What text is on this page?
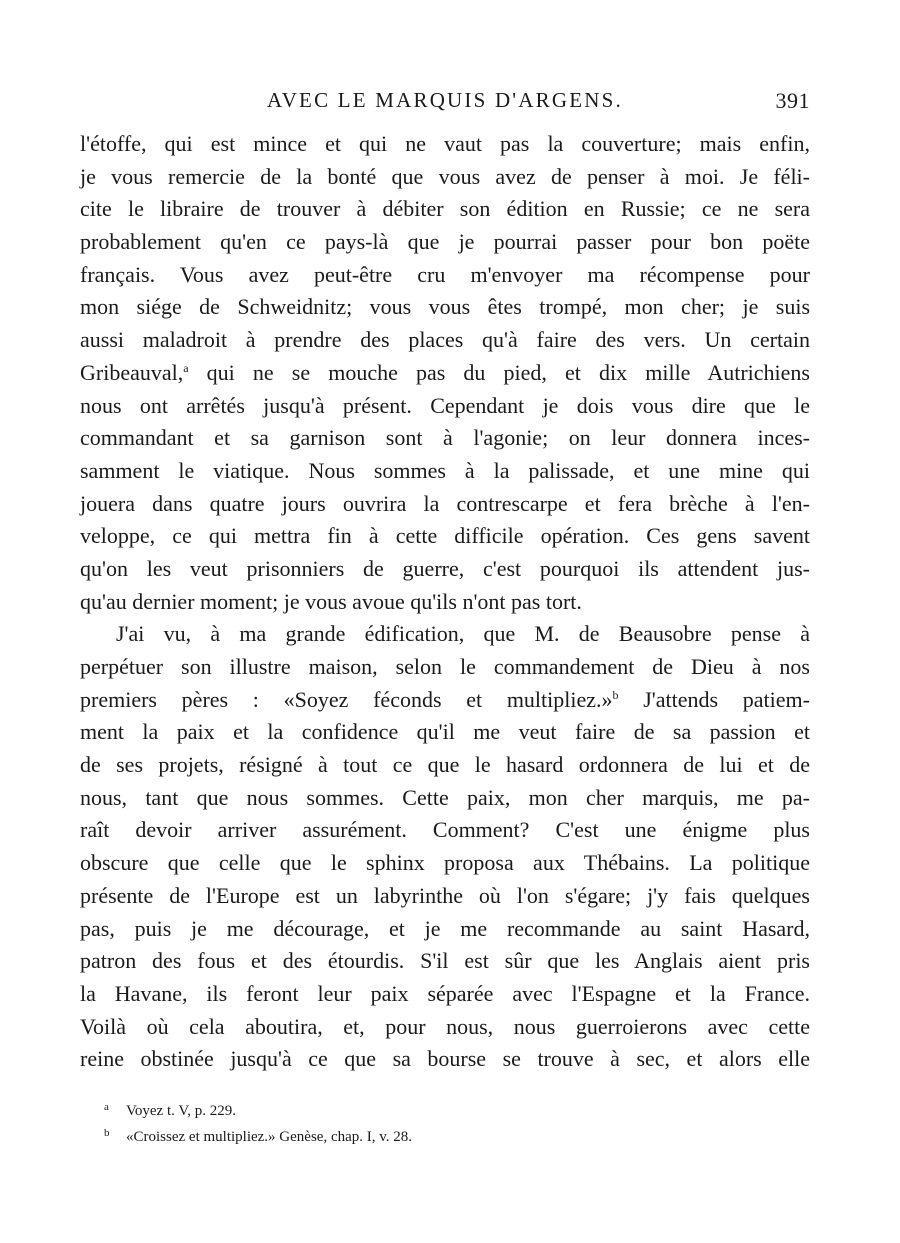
AVEC LE MARQUIS D'ARGENS.	391
l'étoffe, qui est mince et qui ne vaut pas la couverture; mais enfin,
je vous remercie de la bonté que vous avez de penser à moi. Je féli-
cite le libraire de trouver à débiter son édition en Russie; ce ne sera
probablement qu'en ce pays-là que je pourrai passer pour bon poëte
français. Vous avez peut-être cru m'envoyer ma récompense pour
mon siége de Schweidnitz; vous vous êtes trompé, mon cher; je suis
aussi maladroit à prendre des places qu'à faire des vers. Un certain
Gribeauval,$^a$ qui ne se mouche pas du pied, et dix mille Autrichiens
nous ont arrêtés jusqu'à présent. Cependant je dois vous dire que le
commandant et sa garnison sont à l'agonie; on leur donnera inces-
samment le viatique. Nous sommes à la palissade, et une mine qui
jouera dans quatre jours ouvrira la contrescarpe et fera brèche à l'en-
veloppe, ce qui mettra fin à cette difficile opération. Ces gens savent
qu'on les veut prisonniers de guerre, c'est pourquoi ils attendent jus-
qu'au dernier moment; je vous avoue qu'ils n'ont pas tort.
J'ai vu, à ma grande édification, que M. de Beausobre pense à
perpétuer son illustre maison, selon le commandement de Dieu à nos
premiers pères : «Soyez féconds et multipliez.»$^b$ J'attends patiem-
ment la paix et la confidence qu'il me veut faire de sa passion et
de ses projets, résigné à tout ce que le hasard ordonnera de lui et de
nous, tant que nous sommes. Cette paix, mon cher marquis, me pa-
raît devoir arriver assurément. Comment? C'est une énigme plus
obscure que celle que le sphinx proposa aux Thébains. La politique
présente de l'Europe est un labyrinthe où l'on s'égare; j'y fais quelques
pas, puis je me décourage, et je me recommande au saint Hasard,
patron des fous et des étourdis. S'il est sûr que les Anglais aient pris
la Havane, ils feront leur paix séparée avec l'Espagne et la France.
Voilà où cela aboutira, et, pour nous, nous guerroierons avec cette
reine obstinée jusqu'à ce que sa bourse se trouve à sec, et alors elle
a Voyez t. V, p. 229.
b «Croissez et multipliez.» Genèse, chap. I, v. 28.
